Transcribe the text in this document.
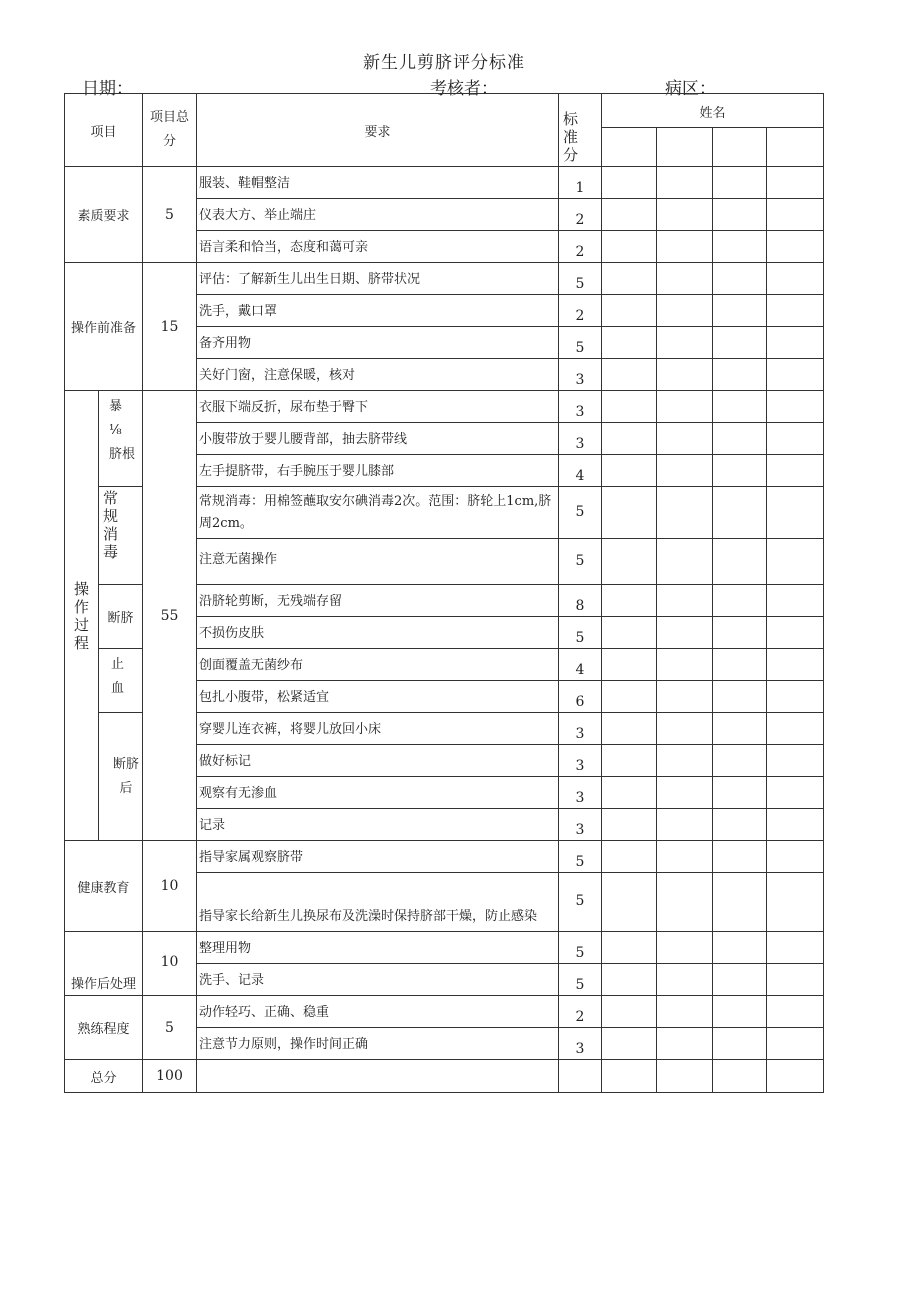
新生儿剪脐评分标准
日期：	考核者：	病区：
项目		项目总分	要求	标准分	姓名			

素质要求		5	服装、鞋帽整洁	1				
			仪表大方、举止端庄	2				
			语言柔和恰当，态度和蔼可亲	2				
操作前准备		15	评估：了解新生儿出生日期、脐带状况	5				
			洗手，戴口罩	2				
			备齐用物	5				
			关好门窗，注意保暖，核对	3				
操作过程	暴 ⅛ 脐根	55	衣服下端反折，尿布垫于臀下	3				
			小腹带放于婴儿腰背部，抽去脐带线	3				
			左手提脐带，右手腕压于婴儿膝部	4				
	常规消毒		常规消毒：用棉签蘸取安尔碘消毒2次。范围：脐轮上1cm,脐周2cm。	5				
			注意无菌操作	5				
	断脐		沿脐轮剪断，无残端存留	8				
			不损伤皮肤	5				
	止血		创面覆盖无菌纱布	4				
			包扎小腹带，松紧适宜	6				
	断脐后		穿婴儿连衣裤，将婴儿放回小床	3				
			做好标记	3				
			观察有无渗血	3				
			记录	3				
健康教育		10	指导家属观察脐带	5				
			指导家长给新生儿换尿布及洗澡时保持脐部干燥，防止感染	5				
操作后处理		10	整理用物	5				
			洗手、记录	5				
熟练程度		5	动作轻巧、正确、稳重	2				
			注意节力原则，操作时间正确	3				
总分		100						
